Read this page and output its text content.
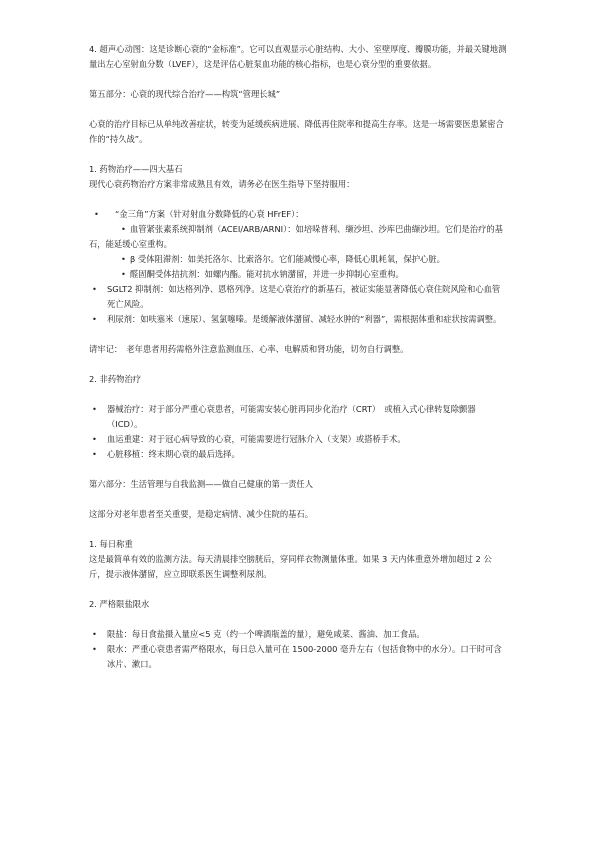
4. 超声心动图：这是诊断心衰的“金标准”。它可以直观显示心脏结构、大小、室壁厚度、瓣膜功能，并最关键地测量出左心室射血分数（LVEF），这是评估心脏泵血功能的核心指标，也是心衰分型的重要依据。

第五部分：心衰的现代综合治疗——构筑“管理长城”

心衰的治疗目标已从单纯改善症状，转变为延缓疾病进展、降低再住院率和提高生存率。这是一场需要医患紧密合作的“持久战”。

1. 药物治疗——四大基石

现代心衰药物治疗方案非常成熟且有效，请务必在医生指导下坚持服用：

• “金三角”方案（针对射血分数降低的心衰 HFrEF）：

• 血管紧张素系统抑制剂（ACEI/ARB/ARNI）：如培哚普利、缬沙坦、沙库巴曲缬沙坦。它们是治疗的基石，能延缓心室重构。

• β 受体阻滞剂：如美托洛尔、比索洛尔。它们能减慢心率，降低心肌耗氧，保护心脏。

• 醛固酮受体拮抗剂：如螺内酯。能对抗水钠潴留，并进一步抑制心室重构。

• SGLT2 抑制剂：如达格列净、恩格列净。这是心衰治疗的新基石，被证实能显著降低心衰住院风险和心血管死亡风险。

• 利尿剂：如呋塞米（速尿）、氢氯噻嗪。是缓解液体潴留、减轻水肿的“利器”，需根据体重和症状按需调整。

请牢记：　老年患者用药需格外注意监测血压、心率、电解质和肾功能，切勿自行调整。

2. 非药物治疗

• 器械治疗：对于部分严重心衰患者，可能需安装心脏再同步化治疗（CRT）　或植入式心律转复除颤器（ICD）。

• 血运重建：对于冠心病导致的心衰，可能需要进行冠脉介入（支架）或搭桥手术。

• 心脏移植：终末期心衰的最后选择。

第六部分：生活管理与自我监测——做自己健康的第一责任人

这部分对老年患者至关重要，是稳定病情、减少住院的基石。

1. 每日称重

这是最简单有效的监测方法。每天清晨排空膀胱后，穿同样衣物测量体重。如果 3 天内体重意外增加超过 2 公斤，提示液体潴留，应立即联系医生调整利尿剂。

2. 严格限盐限水

• 限盐：每日食盐摄入量应<5 克（约一个啤酒瓶盖的量），避免咸菜、酱油、加工食品。

• 限水：严重心衰患者需严格限水，每日总入量可在 1500-2000 毫升左右（包括食物中的水分）。口干时可含冰片、漱口。
